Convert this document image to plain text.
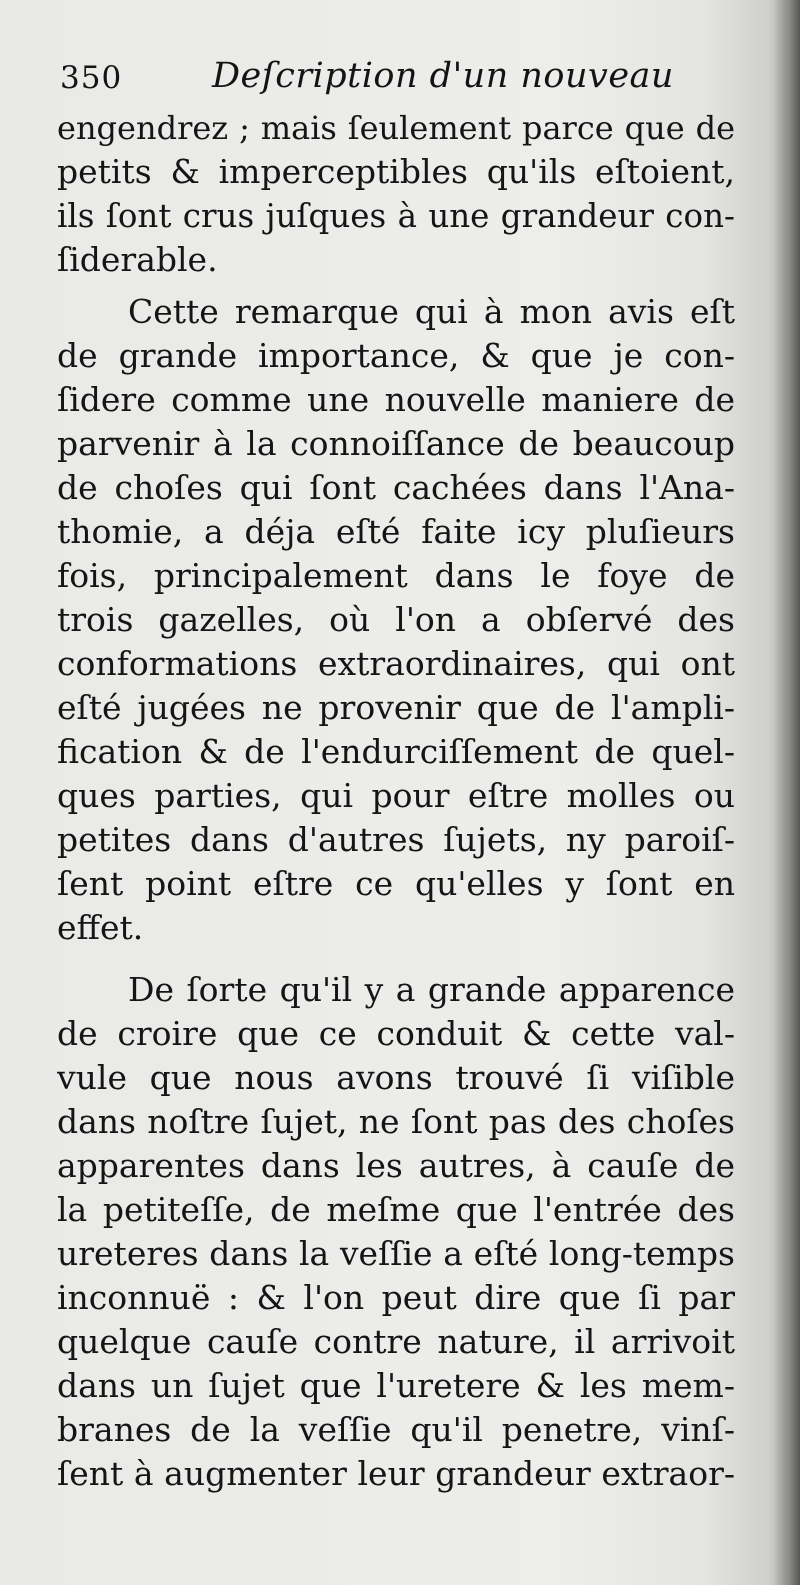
350	Deſcription d'un nouveau
engendrez ; mais ſeulement parce que de
petits & imperceptibles qu'ils eſtoient,
ils ſont crus juſques à une grandeur con-
ſiderable.
Cette remarque qui à mon avis eſt
de grande importance, & que je con-
ſidere comme une nouvelle maniere de
parvenir à la connoiſſance de beaucoup
de choſes qui ſont cachées dans l'Ana-
thomie, a déja eſté faite icy pluſieurs
fois, principalement dans le foye de
trois gazelles, où l'on a obſervé des
conformations extraordinaires, qui ont
eſté jugées ne provenir que de l'ampli-
fication & de l'endurciſſement de quel-
ques parties, qui pour eſtre molles ou
petites dans d'autres ſujets, ny paroiſ-
ſent point eſtre ce qu'elles y ſont en
effet.
De ſorte qu'il y a grande apparence
de croire que ce conduit & cette val-
vule que nous avons trouvé ſi viſible
dans noſtre ſujet, ne ſont pas des choſes
apparentes dans les autres, à cauſe de
la petiteſſe, de meſme que l'entrée des
ureteres dans la veſſie a eſté long-temps
inconnuë : & l'on peut dire que ſi par
quelque cauſe contre nature, il arrivoit
dans un ſujet que l'uretere & les mem-
branes de la veſſie qu'il penetre, vinſ-
ſent à augmenter leur grandeur extraor-
